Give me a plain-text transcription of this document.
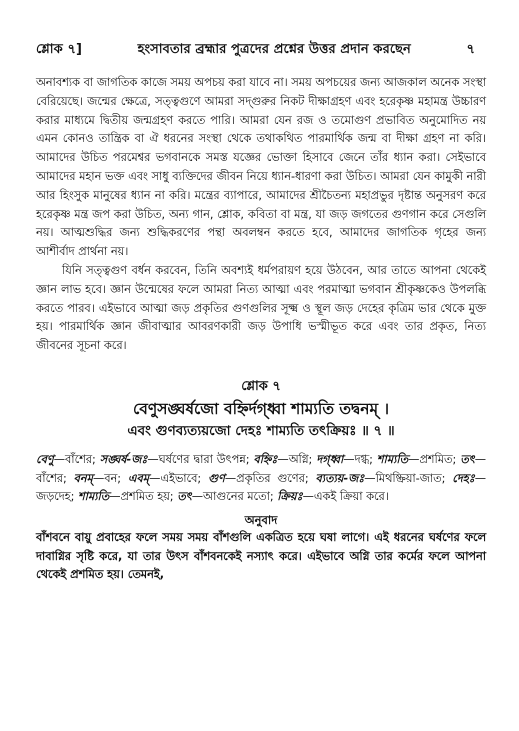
শ্লোক ৭]	হংসাবতার ব্রহ্মার পুত্রদের প্রশ্নের উত্তর প্রদান করছেন	৭

অনাবশ্যক বা জাগতিক কাজে সময় অপচয় করা যাবে না। সময় অপচয়ের জন্য আজকাল অনেক সংস্থা বেরিয়েছে। জন্মের ক্ষেত্রে, সত্ত্বগুণে আমরা সদ্‌গুরুর নিকট দীক্ষাগ্রহণ এবং হরেকৃষ্ণ মহামন্ত্র উচ্চারণ করার মাধ্যমে দ্বিতীয় জন্মগ্রহণ করতে পারি। আমরা যেন রজ ও তমোগুণ প্রভাবিত অনুমোদিত নয় এমন কোনও তান্ত্রিক বা ঐ ধরনের সংস্থা থেকে তথাকথিত পারমার্থিক জন্ম বা দীক্ষা গ্রহণ না করি। আমাদের উচিত পরমেশ্বর ভগবানকে সমস্ত যজ্ঞের ভোক্তা হিসাবে জেনে তাঁর ধ্যান করা। সেইভাবে আমাদের মহান ভক্ত এবং সাধু ব্যক্তিদের জীবন নিয়ে ধ্যান-ধারণা করা উচিত। আমরা যেন কামুকী নারী আর হিংসুক মানুষের ধ্যান না করি। মন্ত্রের ব্যাপারে, আমাদের শ্রীচৈতন্য মহাপ্রভুর দৃষ্টান্ত অনুসরণ করে হরেকৃষ্ণ মন্ত্র জপ করা উচিত, অন্য গান, শ্লোক, কবিতা বা মন্ত্র, যা জড় জগতের গুণগান করে সেগুলি নয়। আত্মশুদ্ধির জন্য শুদ্ধিকরণের পন্থা অবলম্বন করতে হবে, আমাদের জাগতিক গৃহের জন্য আশীর্বাদ প্রার্থনা নয়।

যিনি সত্ত্বগুণ বর্ধন করবেন, তিনি অবশ্যই ধর্মপরায়ণ হয়ে উঠবেন, আর তাতে আপনা থেকেই জ্ঞান লাভ হবে। জ্ঞান উন্মেষের ফলে আমরা নিত্য আত্মা এবং পরমাত্মা ভগবান শ্রীকৃষ্ণকেও উপলব্ধি করতে পারব। এইভাবে আত্মা জড় প্রকৃতির গুণগুলির সূক্ষ্ম ও স্থূল জড় দেহের কৃত্রিম ভার থেকে মুক্ত হয়। পারমার্থিক জ্ঞান জীবাত্মার আবরণকারী জড় উপাধি ভস্মীভূত করে এবং তার প্রকৃত, নিত্য জীবনের সূচনা করে।

শ্লোক ৭
বেণুসঙ্ঘর্ষজো বহ্নির্দগ্ধ্বা শাম্যতি তদ্বনম্ ।
এবং গুণব্যত্যয়জো দেহঃ শাম্যতি তৎক্রিয়ঃ ॥ ৭ ॥
বেণু—বাঁশের; সঙ্ঘর্ষ-জঃ—ঘর্ষণের দ্বারা উৎপন্ন; বহ্নিঃ—অগ্নি; দগ্ধ্বা—দগ্ধ; শাম্যতি—প্রশমিত; তৎ—বাঁশের; বনম্—বন; এবম্—এইভাবে; গুণ—প্রকৃতির গুণের; ব্যত্যয়-জঃ—মিথষ্ক্রিয়া-জাত; দেহঃ—জড়দেহ; শাম্যতি—প্রশমিত হয়; তৎ—আগুনের মতো; ক্রিয়ঃ—একই ক্রিয়া করে।
অনুবাদ

বাঁশবনে বায়ু প্রবাহের ফলে সময় সময় বাঁশগুলি একত্রিত হয়ে ঘষা লাগে। এই ধরনের ঘর্ষণের ফলে দাবাগ্নির সৃষ্টি করে, যা তার উৎস বাঁশবনকেই নস্যাৎ করে। এইভাবে অগ্নি তার কর্মের ফলে আপনা থেকেই প্রশমিত হয়। তেমনই,
